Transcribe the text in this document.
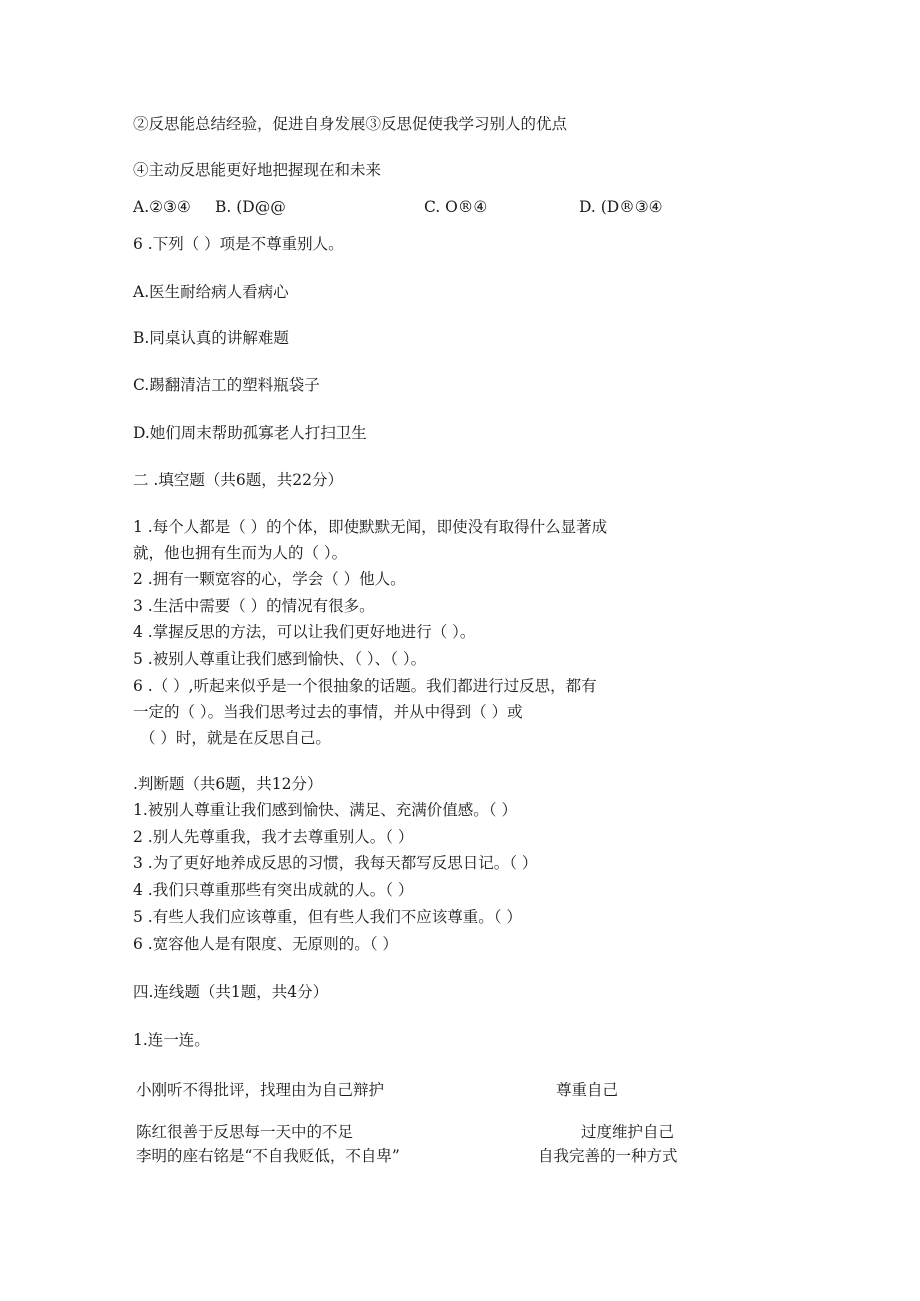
②反思能总结经验，促进自身发展③反思促使我学习别人的优点
④主动反思能更好地把握现在和未来
A.②③④ B. (D@@	C. O®④	D. (D®③④
6 .下列（ ）项是不尊重别人。
A.医生耐给病人看病心
B.同桌认真的讲解难题
C.踢翻清洁工的塑料瓶袋子
D.她们周末帮助孤寡老人打扫卫生
二 .填空题（共6题，共22分）
1 .每个人都是（ ）的个体，即使默默无闻，即使没有取得什么显著成
就，他也拥有生而为人的（ ）。
2 .拥有一颗宽容的心，学会（ ）他人。
3 .生活中需要（ ）的情况有很多。
4 .掌握反思的方法，可以让我们更好地进行（ ）。
5 .被别人尊重让我们感到愉快、（ ）、（ ）。
6 .（ ）,听起来似乎是一个很抽象的话题。我们都进行过反思，都有
一定的（ ）。当我们思考过去的事情，并从中得到（ ）或
（ ）时，就是在反思自己。
.判断题（共6题，共12分）
1.被别人尊重让我们感到愉快、满足、充满价值感。（ ）
2 .别人先尊重我，我才去尊重别人。（ ）
3 .为了更好地养成反思的习惯，我每天都写反思日记。（ ）
4 .我们只尊重那些有突出成就的人。（ ）
5 .有些人我们应该尊重，但有些人我们不应该尊重。（ ）
6 .宽容他人是有限度、无原则的。（ ）
四.连线题（共1题，共4分）
1.连一连。
小刚听不得批评，找理由为自己辩护	尊重自己
陈红很善于反思每一天中的不足	过度维护自己
李明的座右铭是“不自我贬低，不自卑”	自我完善的一种方式
